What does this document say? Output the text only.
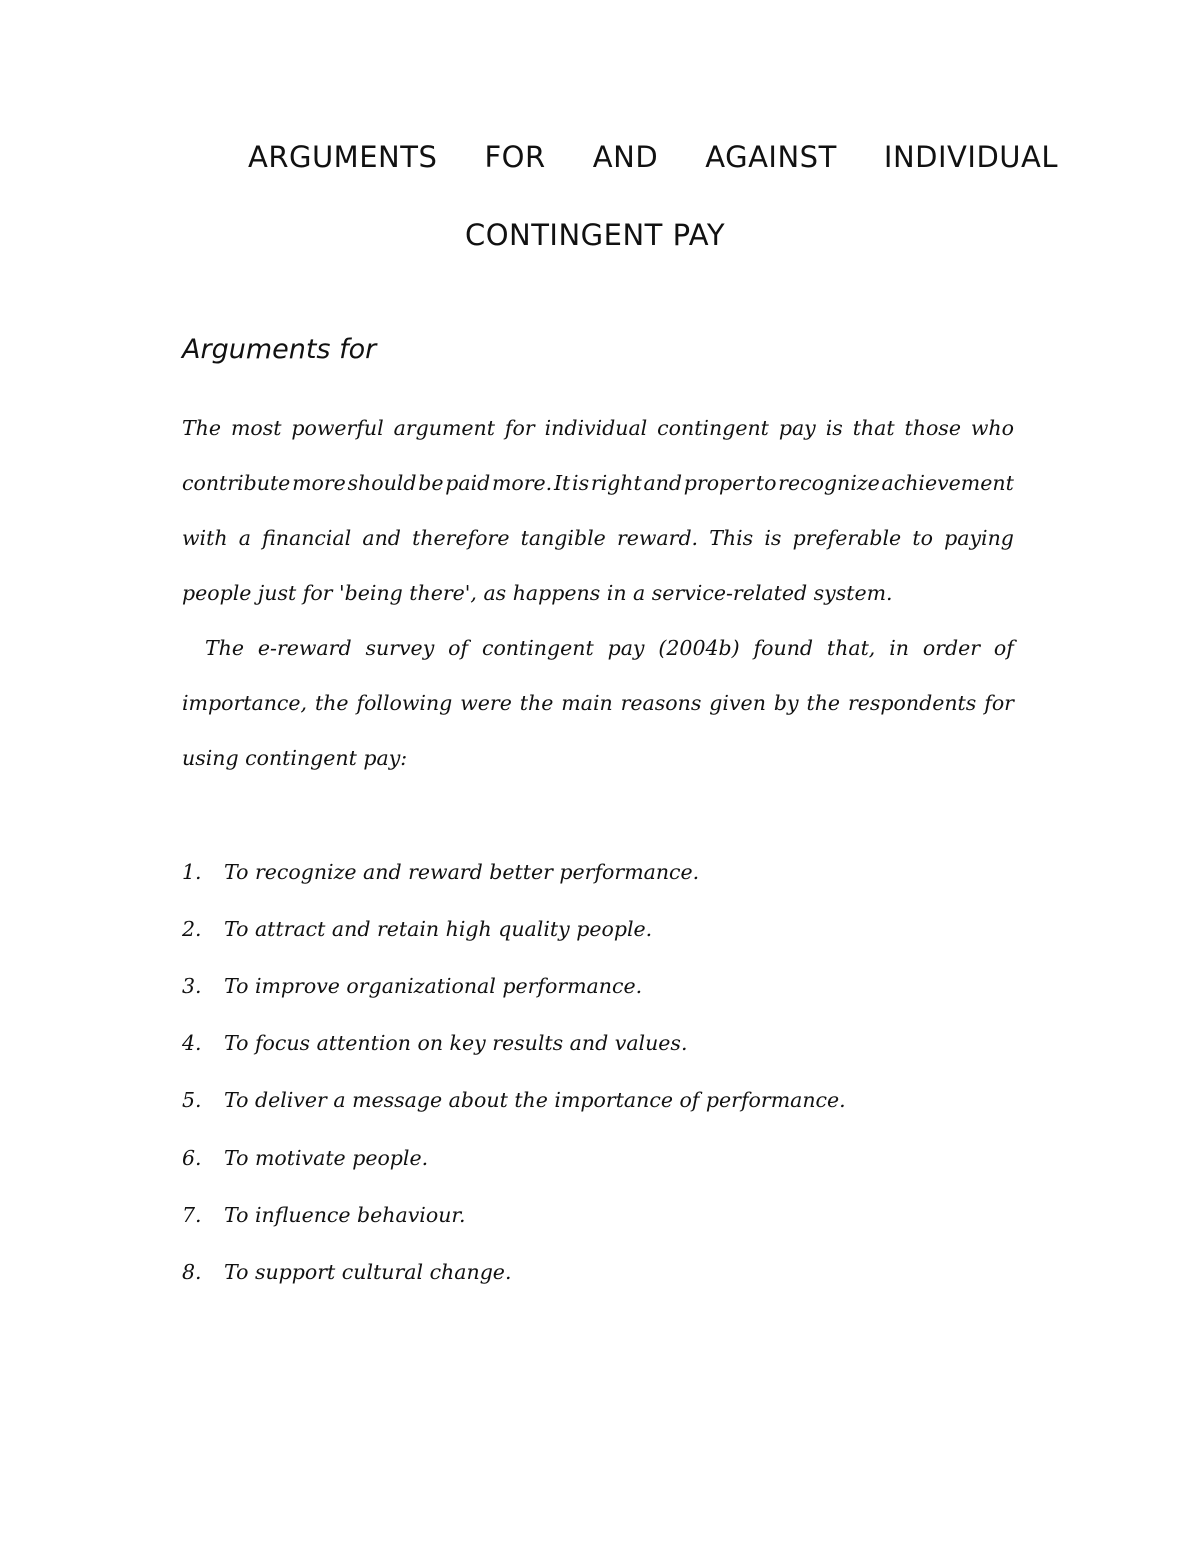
ARGUMENTS FOR AND AGAINST INDIVIDUAL
CONTINGENT PAY
Arguments for
The most powerful argument for individual contingent pay is that those who
contribute more should be paid more. It is right and proper to recognize achievement
with a financial and therefore tangible reward. This is preferable to paying
people just for 'being there', as happens in a service-related system.
The e-reward survey of contingent pay (2004b) found that, in order of
importance, the following were the main reasons given by the respondents for
using contingent pay:
1. To recognize and reward better performance.
2. To attract and retain high quality people.
3. To improve organizational performance.
4. To focus attention on key results and values.
5. To deliver a message about the importance of performance.
6. To motivate people.
7. To influence behaviour.
8. To support cultural change.
